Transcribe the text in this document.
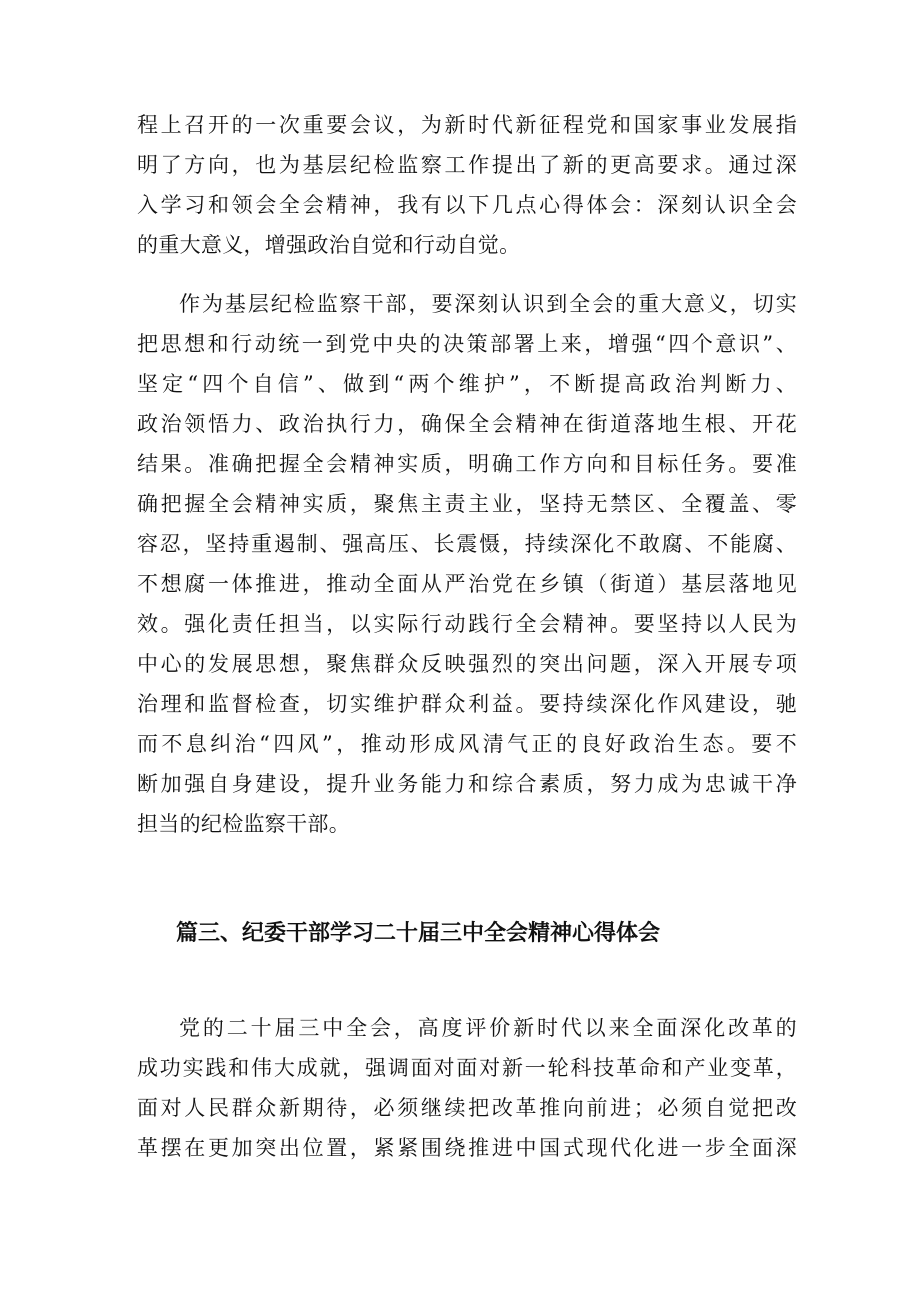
程上召开的一次重要会议，为新时代新征程党和国家事业发展指
明了方向，也为基层纪检监察工作提出了新的更高要求。通过深
入学习和领会全会精神，我有以下几点心得体会：深刻认识全会
的重大意义，增强政治自觉和行动自觉。
作为基层纪检监察干部，要深刻认识到全会的重大意义，切实
把思想和行动统一到党中央的决策部署上来，增强“四个意识”、
坚定“四个自信”、做到“两个维护”，不断提高政治判断力、
政治领悟力、政治执行力，确保全会精神在街道落地生根、开花
结果。准确把握全会精神实质，明确工作方向和目标任务。要准
确把握全会精神实质，聚焦主责主业，坚持无禁区、全覆盖、零
容忍，坚持重遏制、强高压、长震慑，持续深化不敢腐、不能腐、
不想腐一体推进，推动全面从严治党在乡镇（街道）基层落地见
效。强化责任担当，以实际行动践行全会精神。要坚持以人民为
中心的发展思想，聚焦群众反映强烈的突出问题，深入开展专项
治理和监督检查，切实维护群众利益。要持续深化作风建设，驰
而不息纠治“四风”，推动形成风清气正的良好政治生态。要不
断加强自身建设，提升业务能力和综合素质，努力成为忠诚干净
担当的纪检监察干部。
篇三、纪委干部学习二十届三中全会精神心得体会
党的二十届三中全会，高度评价新时代以来全面深化改革的
成功实践和伟大成就，强调面对面对新一轮科技革命和产业变革，
面对人民群众新期待，必须继续把改革推向前进；必须自觉把改
革摆在更加突出位置，紧紧围绕推进中国式现代化进一步全面深
